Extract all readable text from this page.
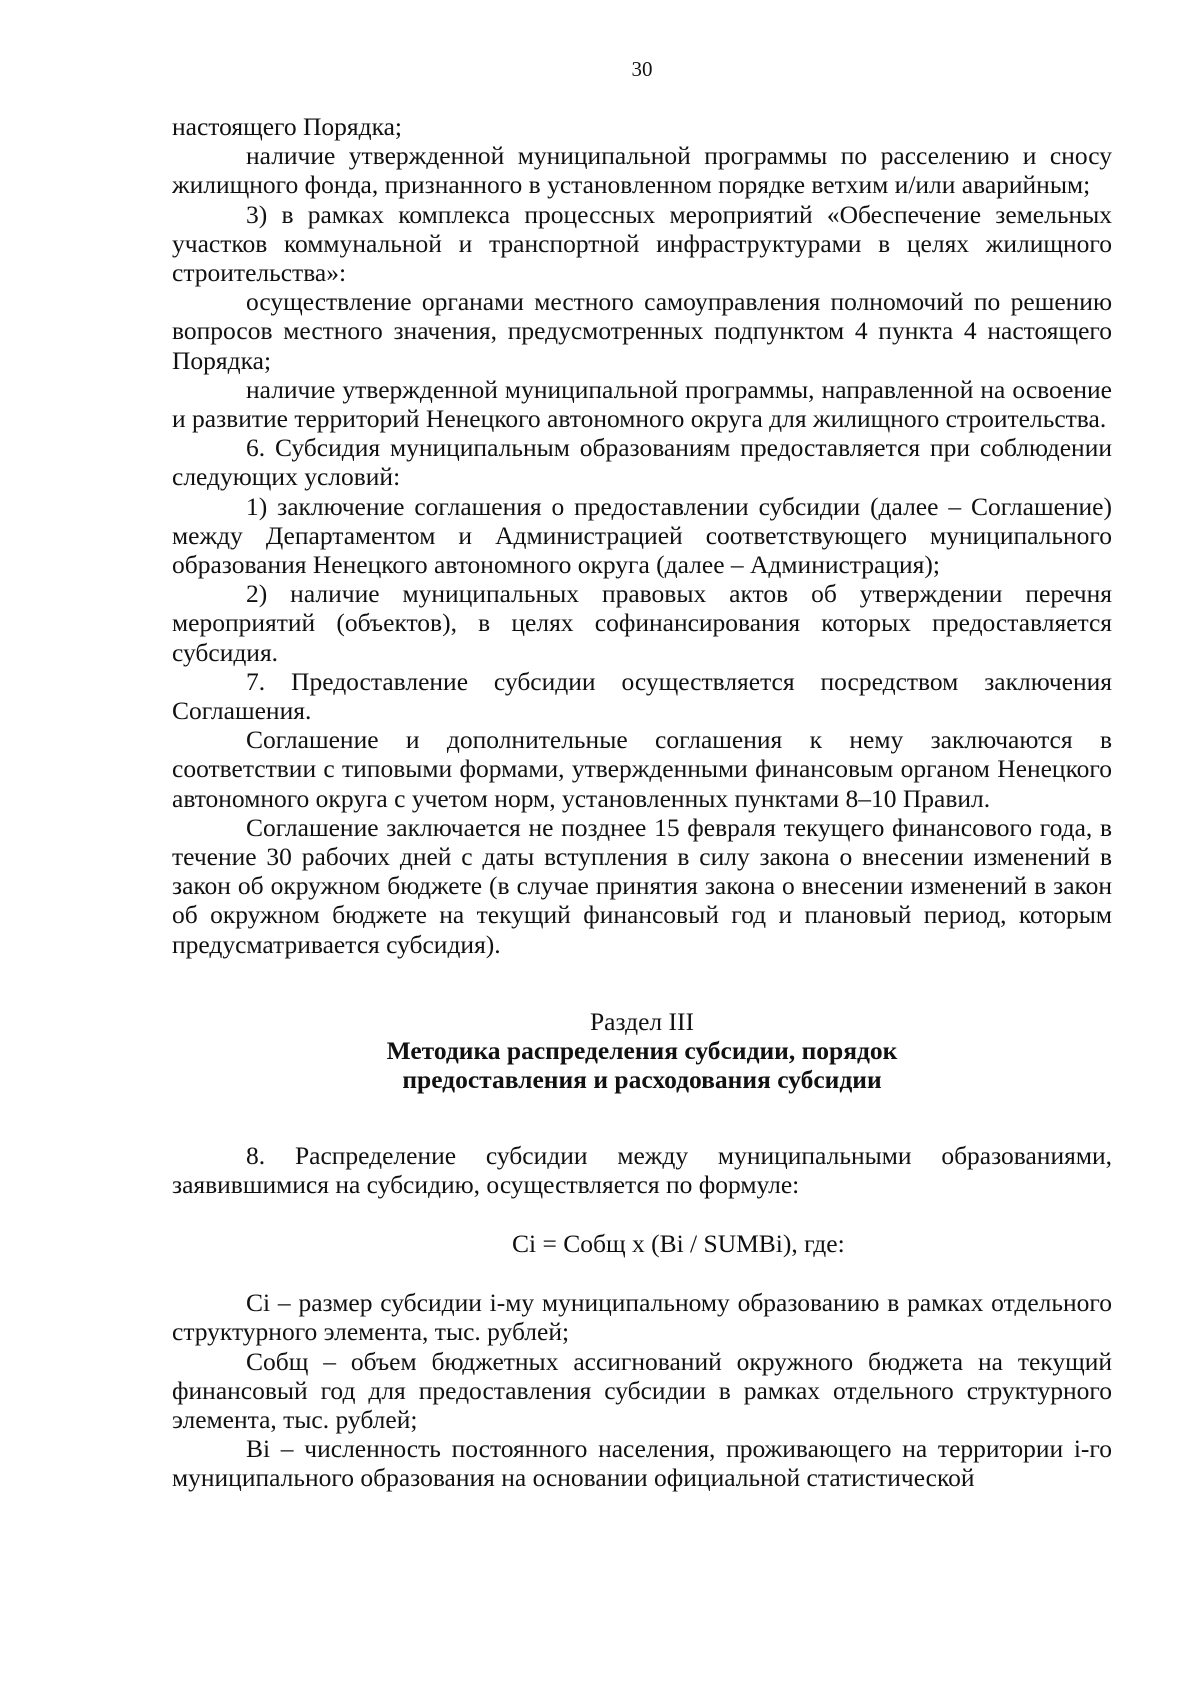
30

настоящего Порядка;

наличие утвержденной муниципальной программы по расселению и сносу жилищного фонда, признанного в установленном порядке ветхим и/или аварийным;

3) в рамках комплекса процессных мероприятий «Обеспечение земельных участков коммунальной и транспортной инфраструктурами в целях жилищного строительства»:

осуществление органами местного самоуправления полномочий по решению вопросов местного значения, предусмотренных подпунктом 4 пункта 4 настоящего Порядка;

наличие утвержденной муниципальной программы, направленной на освоение и развитие территорий Ненецкого автономного округа для жилищного строительства.

6. Субсидия муниципальным образованиям предоставляется при соблюдении следующих условий:

1) заключение соглашения о предоставлении субсидии (далее – Соглашение) между Департаментом и Администрацией соответствующего муниципального образования Ненецкого автономного округа (далее – Администрация);

2) наличие муниципальных правовых актов об утверждении перечня мероприятий (объектов), в целях софинансирования которых предоставляется субсидия.

7. Предоставление субсидии осуществляется посредством заключения Соглашения.

Соглашение и дополнительные соглашения к нему заключаются в соответствии с типовыми формами, утвержденными финансовым органом Ненецкого автономного округа с учетом норм, установленных пунктами 8–10 Правил.

Соглашение заключается не позднее 15 февраля текущего финансового года, в течение 30 рабочих дней с даты вступления в силу закона о внесении изменений в закон об окружном бюджете (в случае принятия закона о внесении изменений в закон об окружном бюджете на текущий финансовый год и плановый период, которым предусматривается субсидия).

Раздел III

Методика распределения субсидии, порядок

предоставления и расходования субсидии

8. Распределение субсидии между муниципальными образованиями, заявившимися на субсидию, осуществляется по формуле:

Ci = Собщ x (Bi / SUMBi), где:

Ci – размер субсидии i-му муниципальному образованию в рамках отдельного структурного элемента, тыс. рублей;

Собщ – объем бюджетных ассигнований окружного бюджета на текущий финансовый год для предоставления субсидии в рамках отдельного структурного элемента, тыс. рублей;

Bi – численность постоянного населения, проживающего на территории i-го муниципального образования на основании официальной статистической
